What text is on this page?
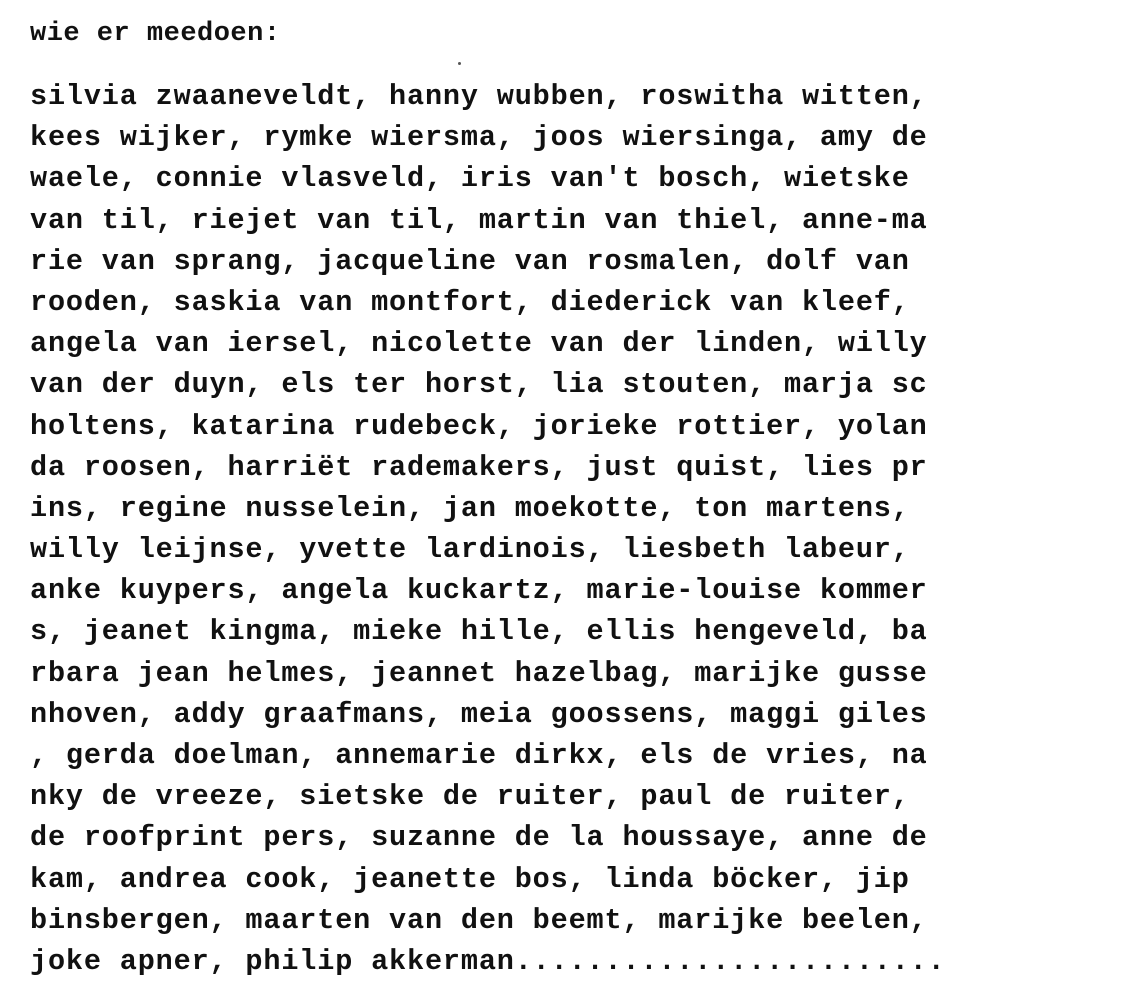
wie er meedoen:
silvia zwaaneveldt, hanny wubben, roswitha witten,
kees wijker, rymke wiersma, joos wiersinga, amy de
waele, connie vlasveld, iris van't bosch, wietske
van til, riejet van til, martin van thiel, anne-ma
rie van sprang, jacqueline van rosmalen, dolf van
rooden, saskia van montfort, diederick van kleef,
angela van iersel, nicolette van der linden, willy
van der duyn, els ter horst, lia stouten, marja sc
holtens, katarina rudebeck, jorieke rottier, yolan
da roosen, harriët rademakers, just quist, lies pr
ins, regine nusselein, jan moekotte, ton martens,
willy leijnse, yvette lardinois, liesbeth labeur,
anke kuypers, angela kuckartz, marie-louise kommer
s, jeanet kingma, mieke hille, ellis hengeveld, ba
rbara jean helmes, jeannet hazelbag, marijke gusse
nhoven, addy graafmans, meia goossens, maggi giles
, gerda doelman, annemarie dirkx, els de vries, na
nky de vreeze, sietske de ruiter, paul de ruiter,
de roofprint pers, suzanne de la houssaye, anne de
kam, andrea cook, jeanette bos, linda böcker, jip
binsbergen, maarten van den beemt, marijke beelen,
joke apner, philip akkerman........................
